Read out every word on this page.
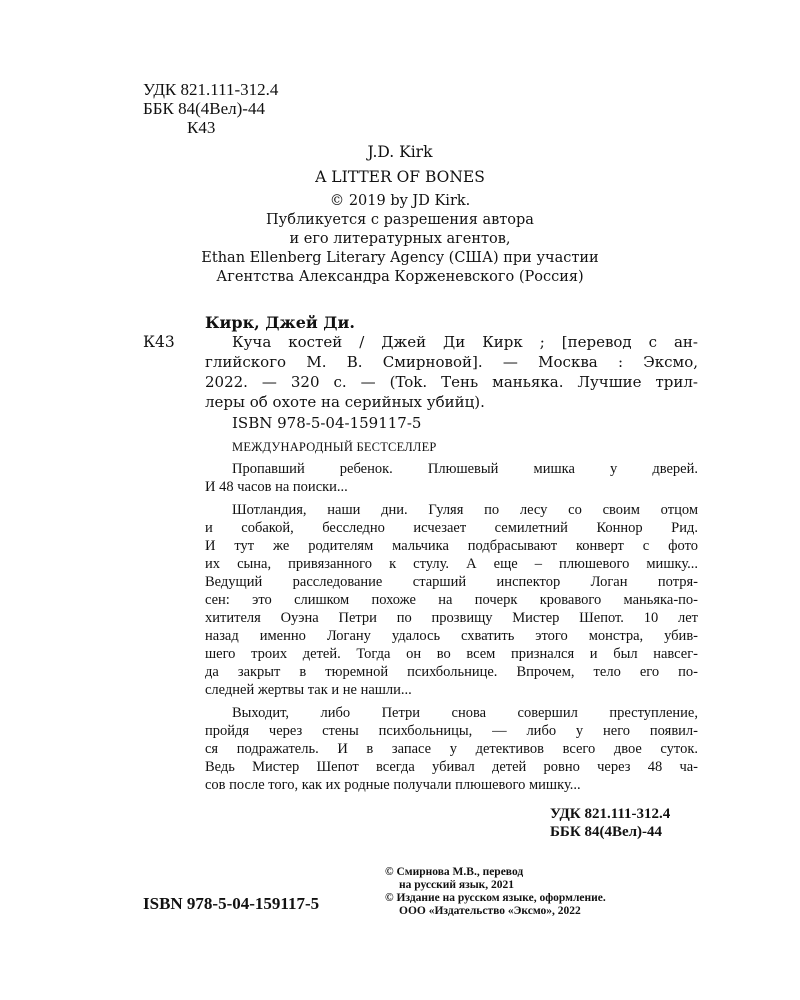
УДК 821.111-312.4
ББК 84(4Вел)-44
К43
J.D. Kirk
A LITTER OF BONES
© 2019 by JD Kirk.
Публикуется с разрешения автора
и его литературных агентов,
Ethan Ellenberg Literary Agency (США) при участии
Агентства Александра Корженевского (Россия)
Кирк, Джей Ди.
К43	Куча костей / Джей Ди Кирк ; [перевод с ан-
глийского М. В. Смирновой]. — Москва : Эксмо,
2022. — 320 с. — (Tok. Тень маньяка. Лучшие трил-
леры об охоте на серийных убийц).
ISBN 978-5-04-159117-5
МЕЖДУНАРОДНЫЙ БЕСТСЕЛЛЕР
Пропавший ребенок. Плюшевый мишка у дверей.
И 48 часов на поиски...
Шотландия, наши дни. Гуляя по лесу со своим отцом
и собакой, бесследно исчезает семилетний Коннор Рид.
И тут же родителям мальчика подбрасывают конверт с фото
их сына, привязанного к стулу. А еще – плюшевого мишку...
Ведущий расследование старший инспектор Логан потря-
сен: это слишком похоже на почерк кровавого маньяка-по-
хитителя Оуэна Петри по прозвищу Мистер Шепот. 10 лет
назад именно Логану удалось схватить этого монстра, убив-
шего троих детей. Тогда он во всем признался и был навсег-
да закрыт в тюремной психбольнице. Впрочем, тело его по-
следней жертвы так и не нашли...
Выходит, либо Петри снова совершил преступление,
пройдя через стены психбольницы, — либо у него появил-
ся подражатель. И в запасе у детективов всего двое суток.
Ведь Мистер Шепот всегда убивал детей ровно через 48 ча-
сов после того, как их родные получали плюшевого мишку...
УДК 821.111-312.4
ББК 84(4Вел)-44
© Смирнова М.В., перевод
на русский язык, 2021
© Издание на русском языке, оформление.
ООО «Издательство «Эксмо», 2022
ISBN 978-5-04-159117-5
